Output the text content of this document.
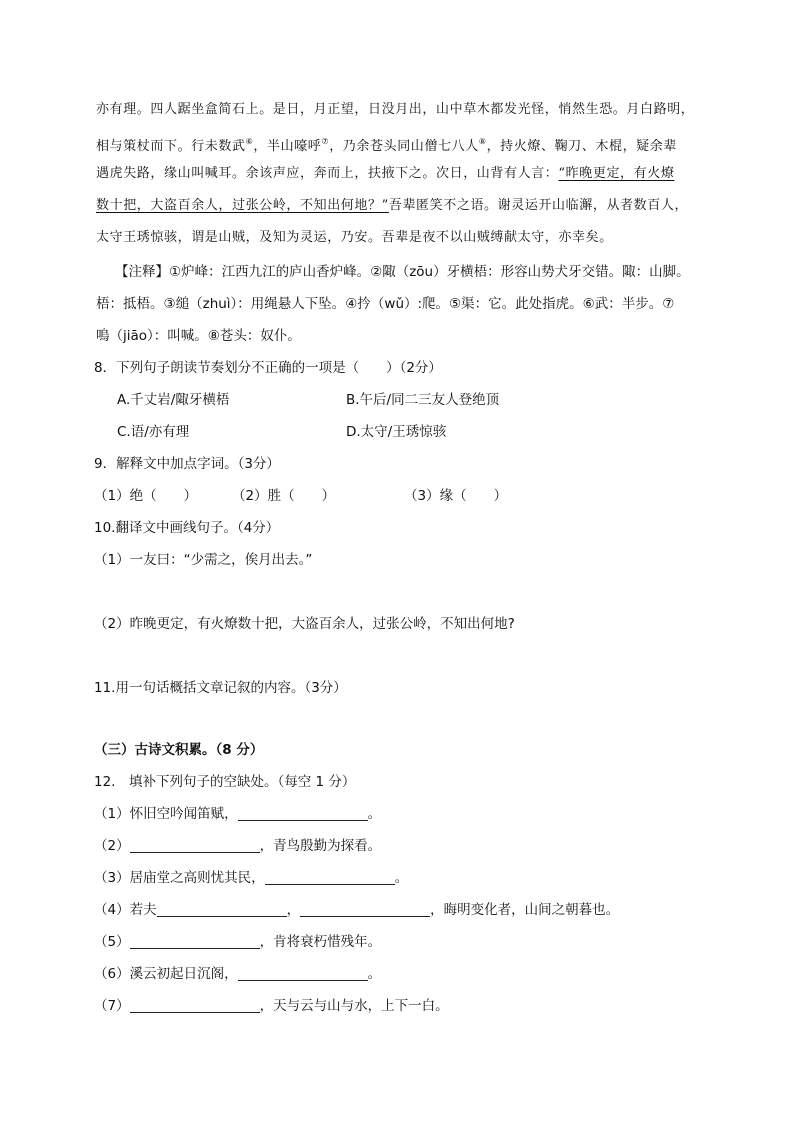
亦有理。四人踞坐盒简石上。是日，月正望，日没月出，山中草木都发光怪，悄然生恐。月白路明，
相与策杖而下。行未数武⑥，半山嚎呼⑦，乃余苍头同山僧七八人⑧，持火燎、鞠刀、木棍，疑余辈
遇虎失路，缘山叫喊耳。余该声应，奔而上，扶掖下之。次日，山背有人言：“昨晚更定，有火燎
数十把，大盗百余人，过张公岭，不知出何地？”吾辈匿笑不之语。谢灵运开山临澥，从者数百人，
太守王琇惊骇，谓是山贼，及知为灵运，乃安。吾辈是夜不以山贼缚献太守，亦幸矣。
【注释】①炉峰：江西九江的庐山香炉峰。②陬（zōu）牙横梧：形容山势犬牙交错。陬：山脚。
梧：抵梧。③缒（zhuì）：用绳悬人下坠。④扲（wǔ）:爬。⑤渠：它。此处指虎。⑥武：半步。⑦
嗚（jiāo）：叫喊。⑧苍头：奴仆。
8．下列句子朗读节奏划分不正确的一项是（　　）（2分）
A.千丈岩/陬牙横梧	B.午后/同二三友人登绝顶
C.语/亦有理	D.太守/王琇惊骇
9．解释文中加点字词。（3分）
（1）绝（　　）	（2）胜（　　）	（3）缘（　　）
10.翻译文中画线句子。（4分）
（1）一友曰：“少需之，俟月出去。”
（2）昨晚更定，有火燎数十把，大盗百余人，过张公岭，不知出何地?
11.用一句话概括文章记叙的内容。（3分）
（三）古诗文积累。（8 分）
12.　填补下列句子的空缺处。（每空 1 分）
（1）怀旧空吟闻笛赋，	。
（2）	，青鸟殷勤为探看。
（3）居庙堂之高则忧其民，	。
（4）若夫	，	，晦明变化者，山间之朝暮也。
（5）	，肯将衰朽惜残年。
（6）溪云初起日沉阁，	。
（7）	，天与云与山与水，上下一白。
